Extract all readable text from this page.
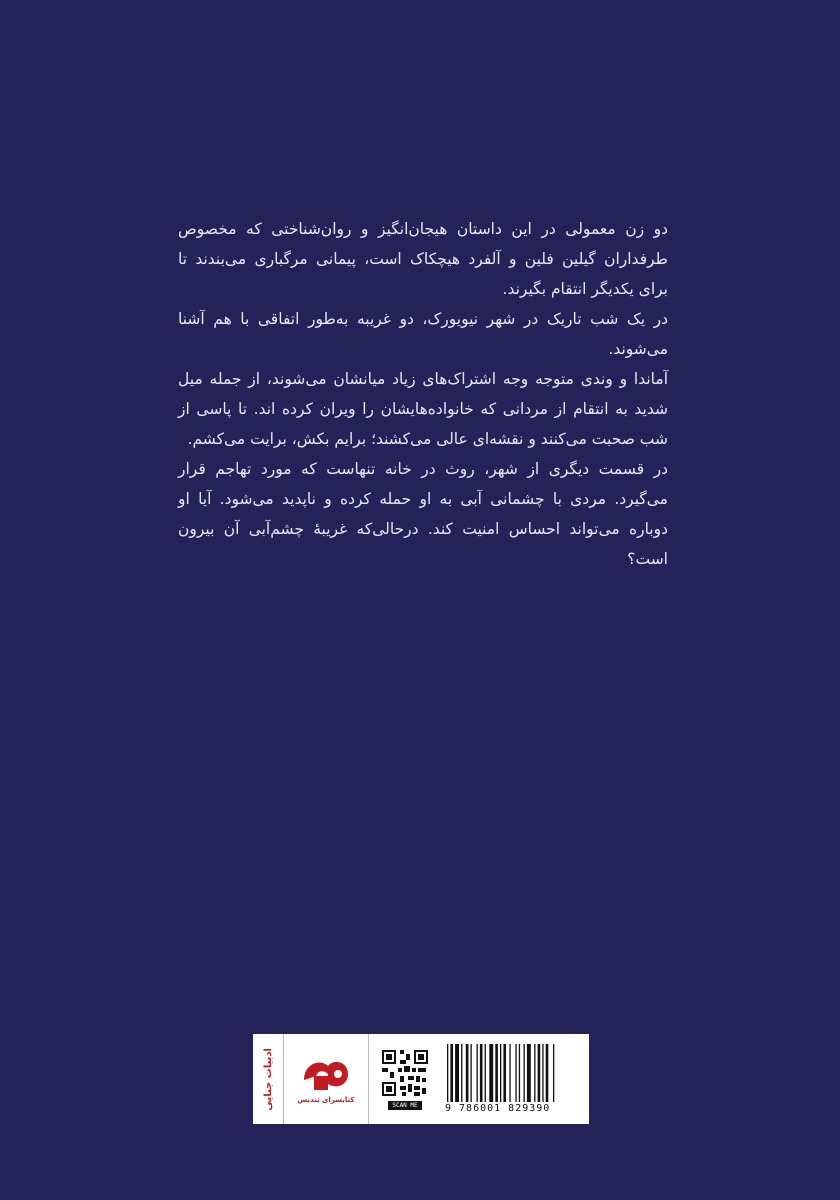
دو زن معمولی در این داستان هیجان‌انگیز و روان‌شناختی که مخصوص طرفداران گیلین فلین و آلفرد هیچکاک است، پیمانی مرگباری می‌بندند تا برای یکدیگر انتقام بگیرند.

در یک شب تاریک در شهر نیویورک، دو غریبه به‌طور اتفاقی با هم آشنا می‌شوند.

آماندا و وندی متوجه وجه اشتراک‌های زیاد میانشان می‌شوند، از جمله میل شدید به انتقام از مردانی که خانواده‌هایشان را ویران کرده اند. تا پاسی از شب صحبت می‌کنند و نقشه‌ای عالی می‌کشند؛ برایم بکش، برایت می‌کشم.

در قسمت دیگری از شهر، روث در خانه تنهاست که مورد تهاجم قرار می‌گیرد. مردی با چشمانی آبی به او حمله کرده و ناپدید می‌شود. آیا او دوباره می‌تواند احساس امنیت کند. درحالی‌که غریبهٔ چشم‌آبی آن بیرون است؟

ادبیات جنایی	کتابسرای تندیس
SCAN ME	9 786001 829390
